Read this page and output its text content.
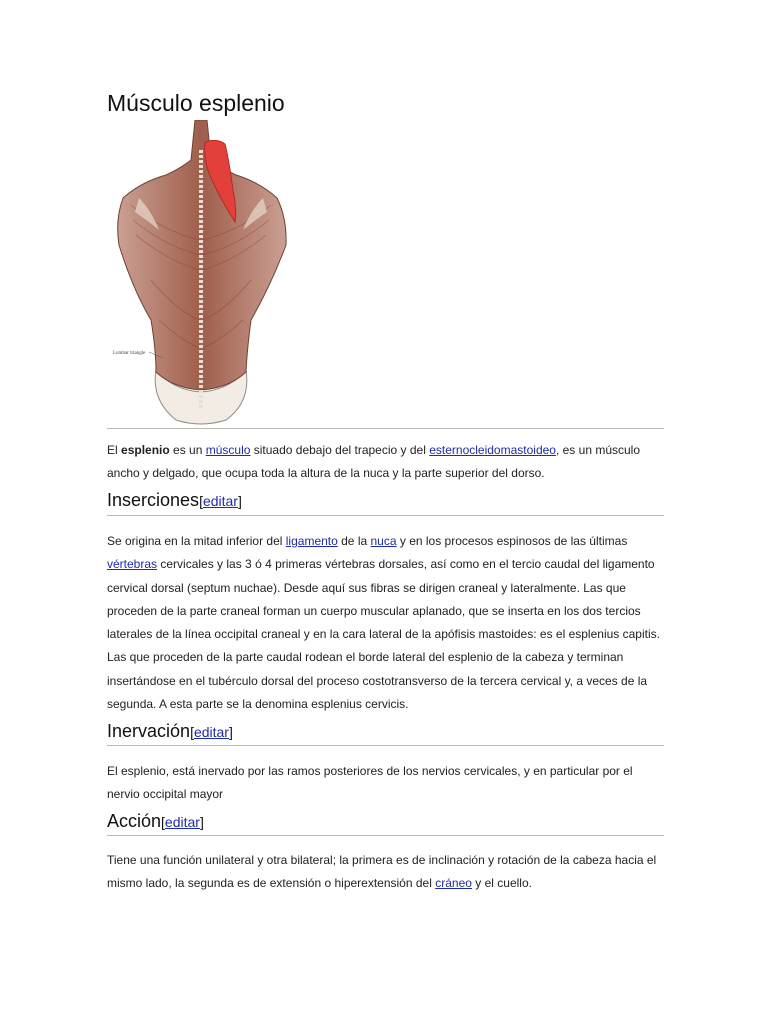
Músculo esplenio
Lumbar triangle

El esplenio es un músculo situado debajo del trapecio y del esternocleidomastoideo, es un músculo ancho y delgado, que ocupa toda la altura de la nuca y la parte superior del dorso.

Inserciones[editar]

Se origina en la mitad inferior del ligamento de la nuca y en los procesos espinosos de las últimas vértebras cervicales y las 3 ó 4 primeras vértebras dorsales, así como en el tercio caudal del ligamento cervical dorsal (septum nuchae). Desde aquí sus fibras se dirigen craneal y lateralmente. Las que proceden de la parte craneal forman un cuerpo muscular aplanado, que se inserta en los dos tercios laterales de la línea occipital craneal y en la cara lateral de la apófisis mastoides: es el esplenius capitis. Las que proceden de la parte caudal rodean el borde lateral del esplenio de la cabeza y terminan insertándose en el tubérculo dorsal del proceso costotransverso de la tercera cervical y, a veces de la segunda. A esta parte se la denomina esplenius cervicis.

Inervación[editar]

El esplenio, está inervado por las ramos posteriores de los nervios cervicales, y en particular por el nervio occipital mayor

Acción[editar]

Tiene una función unilateral y otra bilateral; la primera es de inclinación y rotación de la cabeza hacia el mismo lado, la segunda es de extensión o hiperextensión del cráneo y el cuello.
